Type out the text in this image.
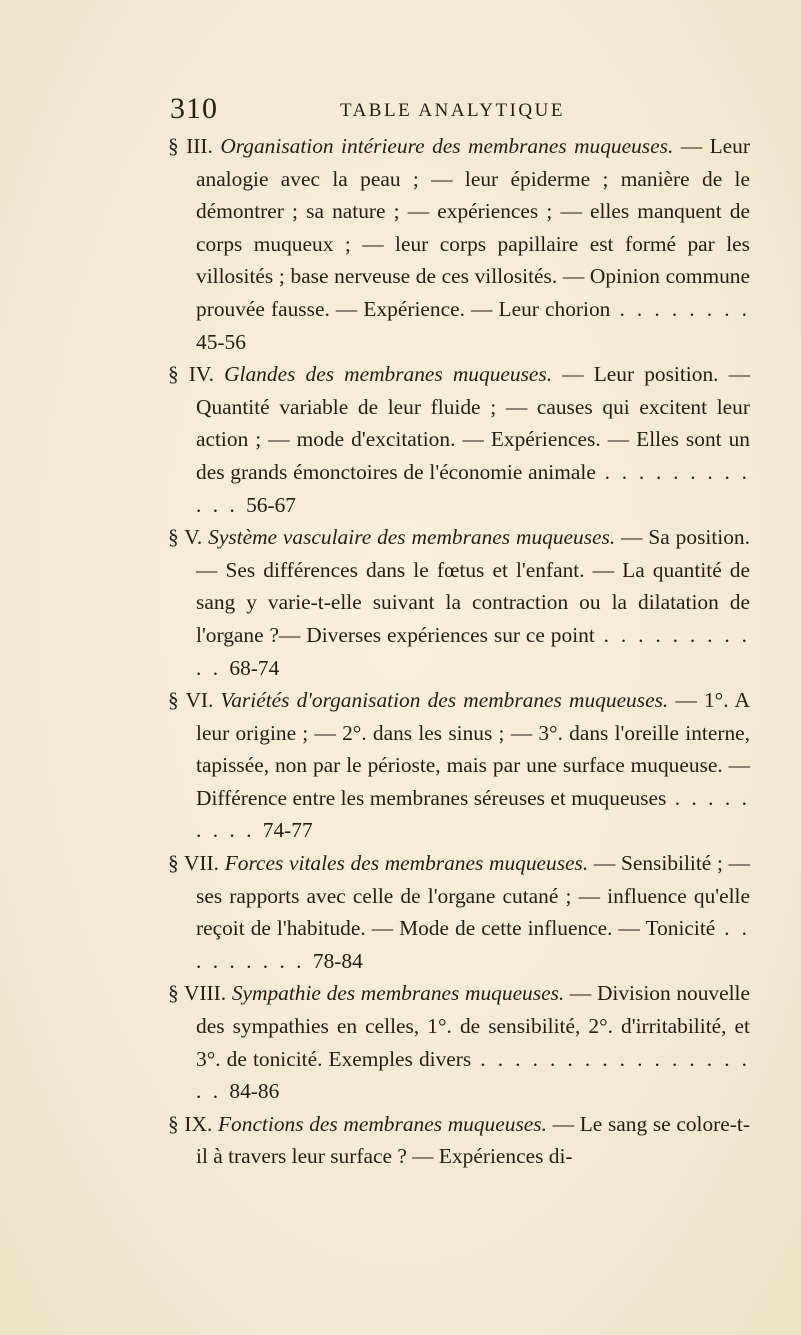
310	TABLE ANALYTIQUE

§ III. Organisation intérieure des membranes muqueuses. — Leur analogie avec la peau ; — leur épiderme ; manière de le démontrer ; sa nature ; — expériences ; — elles manquent de corps muqueux ; — leur corps papillaire est formé par les villosités ; base nerveuse de ces villosités. — Opinion commune prouvée fausse. — Expérience. — Leur chorion . . . . . . . . 45-56

§ IV. Glandes des membranes muqueuses. — Leur position. — Quantité variable de leur fluide ; — causes qui excitent leur action ; — mode d'excitation. — Expériences. — Elles sont un des grands émonctoires de l'économie animale . . . . . . . . . . . . 56-67

§ V. Système vasculaire des membranes muqueuses. — Sa position. — Ses différences dans le fœtus et l'enfant. — La quantité de sang y varie-t-elle suivant la contraction ou la dilatation de l'organe ?— Diverses expériences sur ce point . . . . . . . . . . . 68-74

§ VI. Variétés d'organisation des membranes muqueuses. — 1°. A leur origine ; — 2°. dans les sinus ; — 3°. dans l'oreille interne, tapissée, non par le périoste, mais par une surface muqueuse. — Différence entre les membranes séreuses et muqueuses . . . . . . . . . 74-77

§ VII. Forces vitales des membranes muqueuses. — Sensibilité ; — ses rapports avec celle de l'organe cutané ; — influence qu'elle reçoit de l'habitude. — Mode de cette influence. — Tonicité . . . . . . . . . 78-84

§ VIII. Sympathie des membranes muqueuses. — Division nouvelle des sympathies en celles, 1°. de sensibilité, 2°. d'irritabilité, et 3°. de tonicité. Exemples divers . . . . . . . . . . . . . . . . . . 84-86

§ IX. Fonctions des membranes muqueuses. — Le sang se colore-t-il à travers leur surface ? — Expériences di-
